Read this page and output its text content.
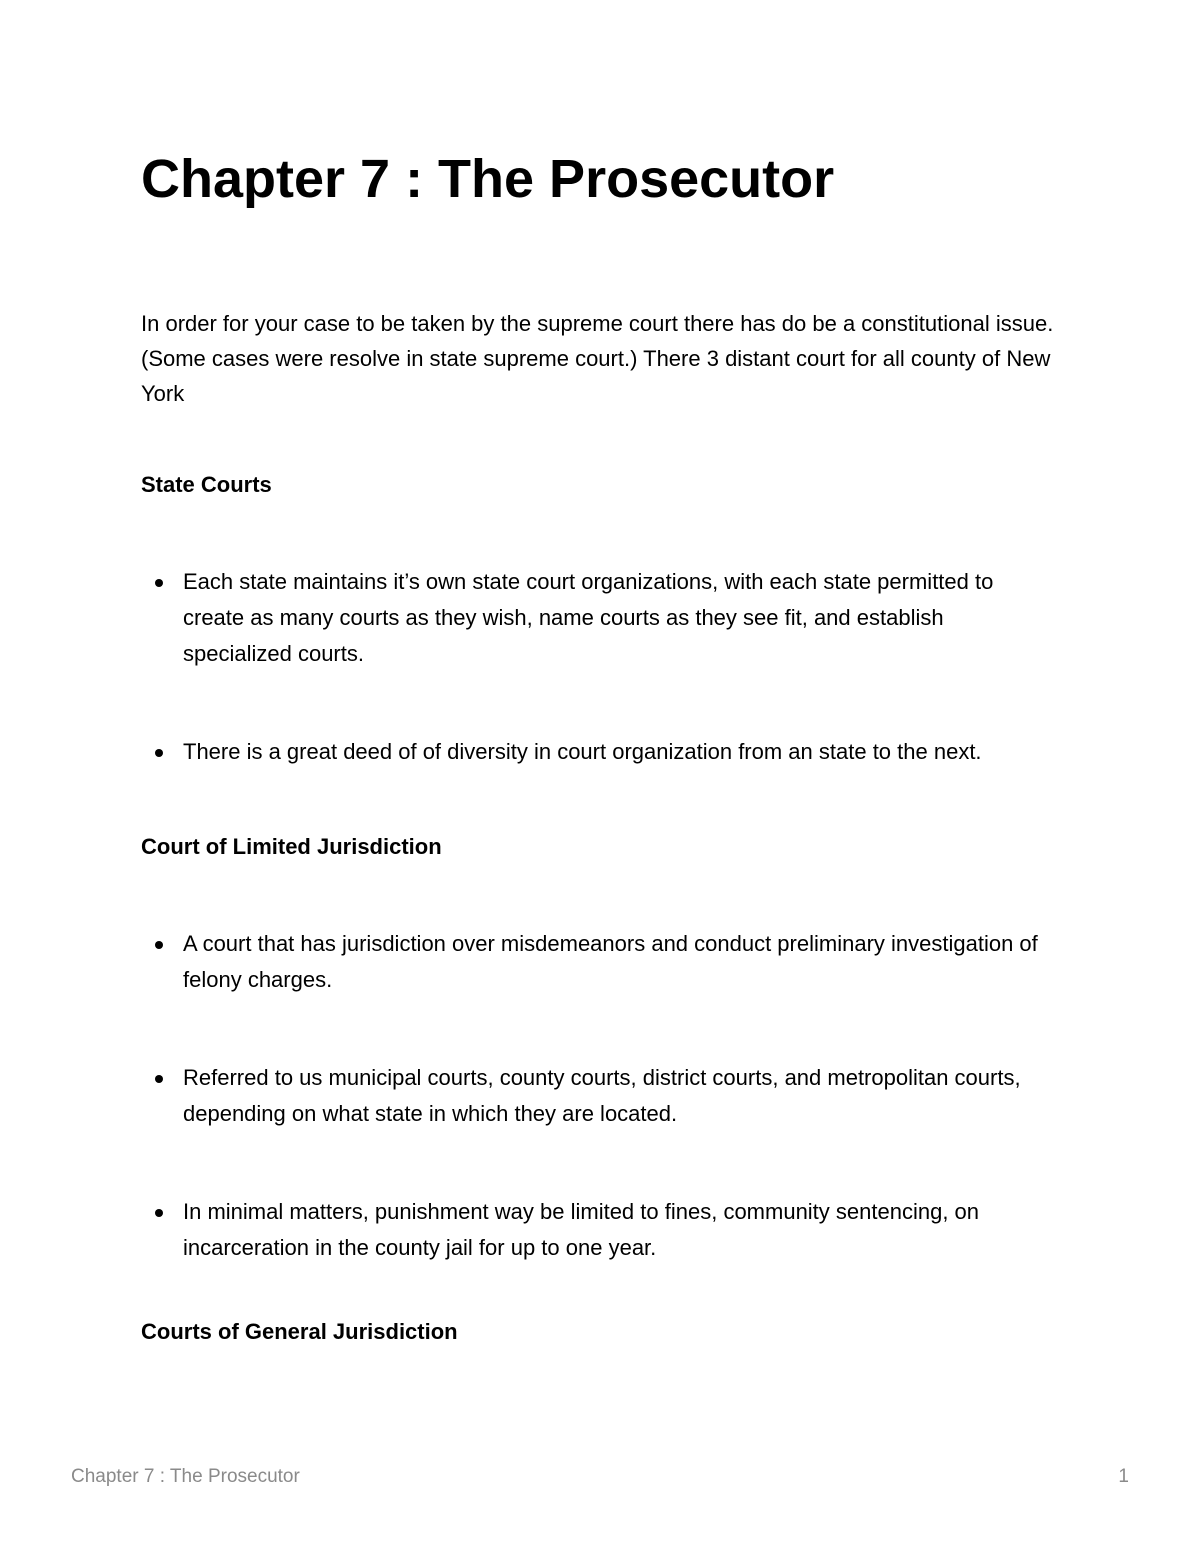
Chapter 7 : The Prosecutor

In order for your case to be taken by the supreme court there has do be a constitutional issue.(Some cases were resolve in state supreme court.) There 3 distant court for all county of New York

State Courts
Each state maintains it’s own state court organizations, with each state permitted to create as many courts as they wish, name courts as they see fit, and establish specialized courts.
There is a great deed of of diversity in court organization from an state to the next.
Court of Limited Jurisdiction
A court that has jurisdiction over misdemeanors and conduct preliminary investigation of felony charges.
Referred to us municipal courts, county courts, district courts, and metropolitan courts, depending on what state in which they are located.
In minimal matters, punishment way be limited to fines, community sentencing, on incarceration in the county jail for up to one year.
Courts of General Jurisdiction
Chapter 7 : The Prosecutor	1
